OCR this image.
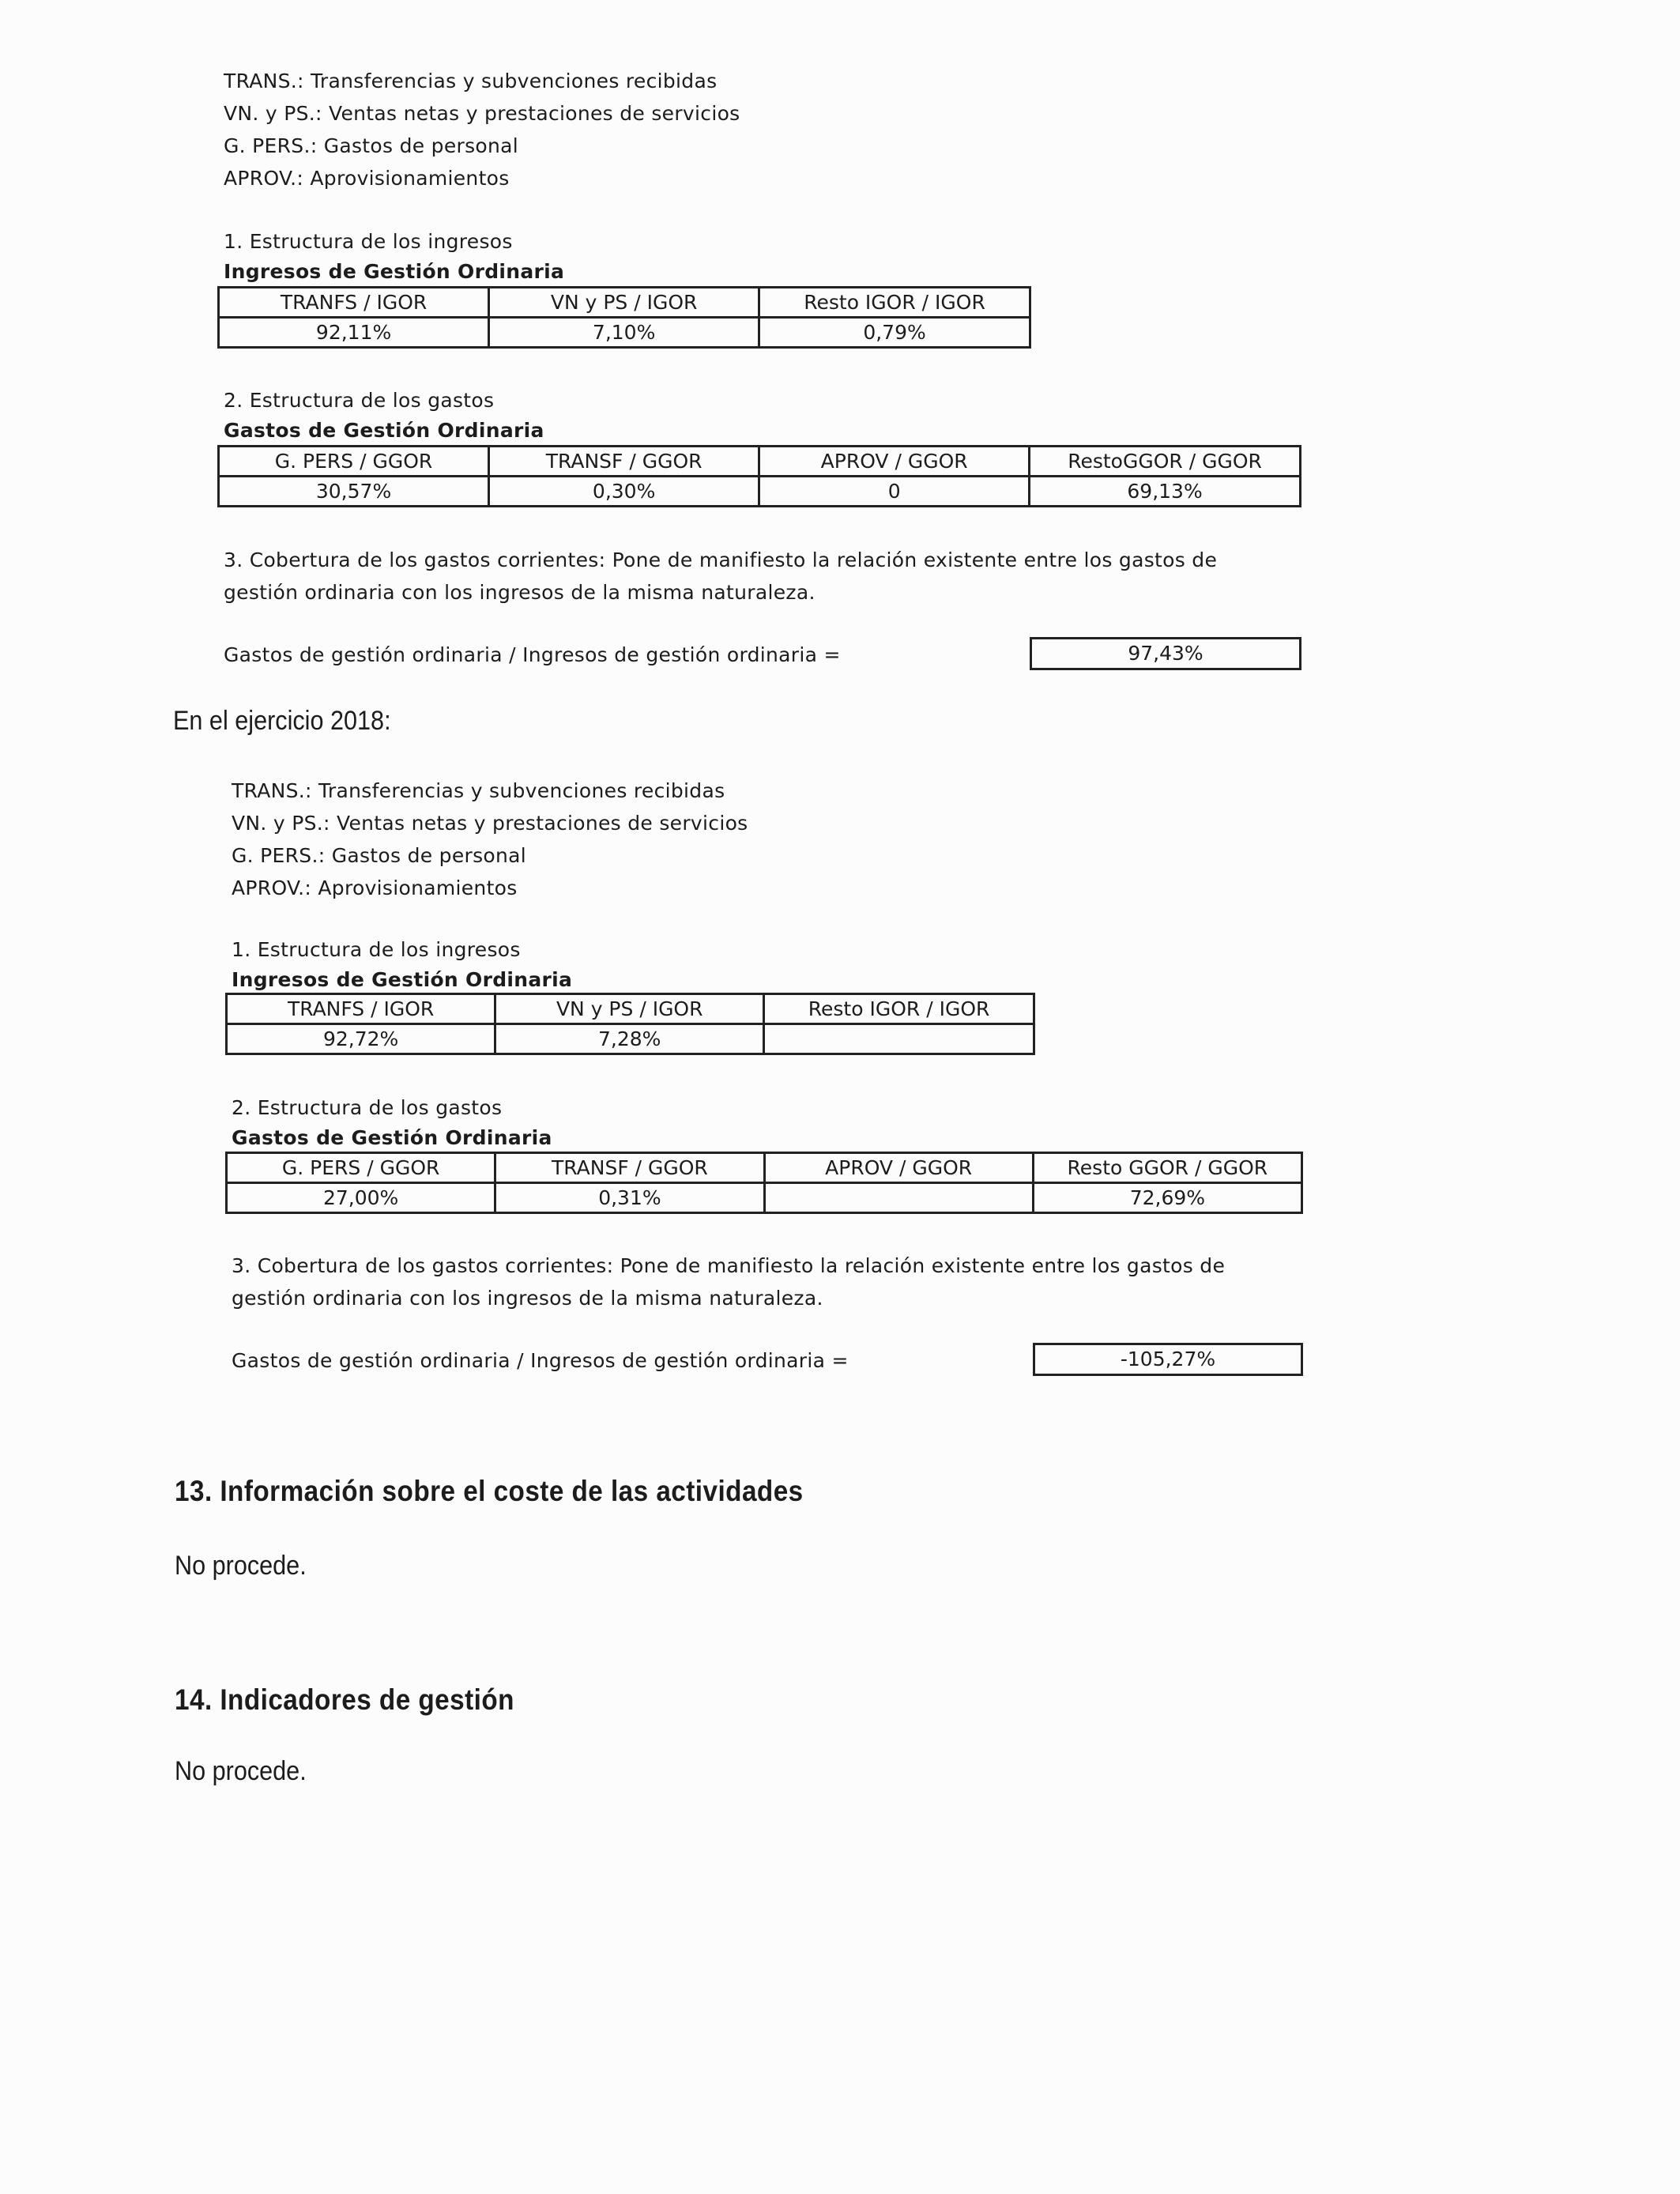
TRANS.: Transferencias y subvenciones recibidas
VN. y PS.: Ventas netas y prestaciones de servicios
G. PERS.: Gastos de personal
APROV.: Aprovisionamientos
1. Estructura de los ingresos
Ingresos de Gestión Ordinaria
TRANFS / IGOR	VN y PS / IGOR	Resto IGOR / IGOR
92,11%	7,10%	0,79%
2. Estructura de los gastos
Gastos de Gestión Ordinaria
G. PERS / GGOR	TRANSF / GGOR	APROV / GGOR	RestoGGOR / GGOR
30,57%	0,30%	0	69,13%
3. Cobertura de los gastos corrientes: Pone de manifiesto la relación existente entre los gastos de
gestión ordinaria con los ingresos de la misma naturaleza.
Gastos de gestión ordinaria / Ingresos de gestión ordinaria =	97,43%
En el ejercicio 2018:
TRANS.: Transferencias y subvenciones recibidas
VN. y PS.: Ventas netas y prestaciones de servicios
G. PERS.: Gastos de personal
APROV.: Aprovisionamientos
1. Estructura de los ingresos
Ingresos de Gestión Ordinaria
TRANFS / IGOR	VN y PS / IGOR	Resto IGOR / IGOR
92,72%	7,28%	
2. Estructura de los gastos
Gastos de Gestión Ordinaria
G. PERS / GGOR	TRANSF / GGOR	APROV / GGOR	Resto GGOR / GGOR
27,00%	0,31%		72,69%
3. Cobertura de los gastos corrientes: Pone de manifiesto la relación existente entre los gastos de
gestión ordinaria con los ingresos de la misma naturaleza.
Gastos de gestión ordinaria / Ingresos de gestión ordinaria =	-105,27%
13. Información sobre el coste de las actividades
No procede.
14. Indicadores de gestión
No procede.
